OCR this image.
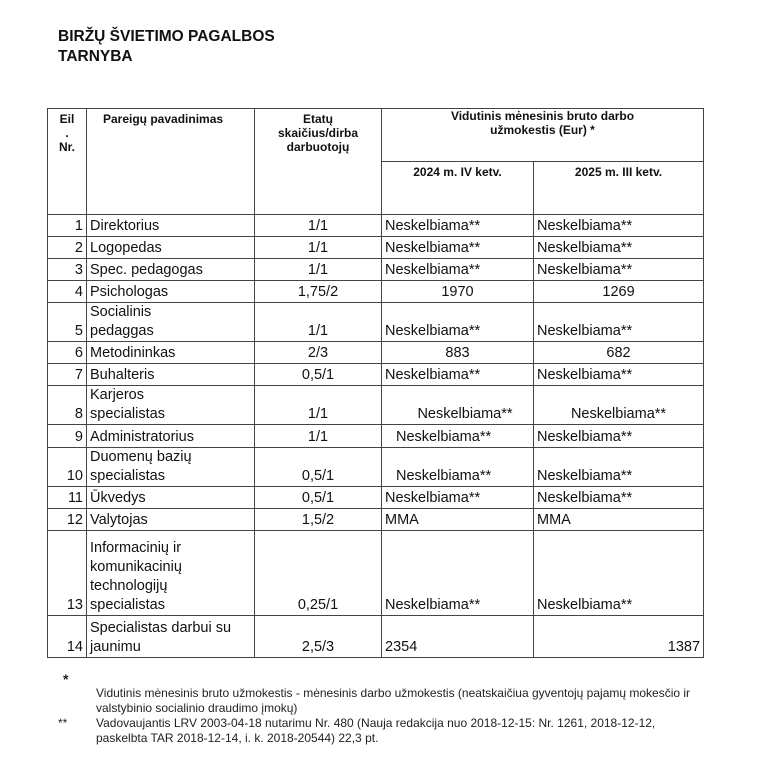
BIRŽŲ ŠVIETIMO PAGALBOS
TARNYBA
Eil
.
Nr.	Pareigų pavadinimas	Etatų skaičius/dirba darbuotojų	Vidutinis mėnesinis bruto darbo užmokestis (Eur) *	
			2024 m. IV ketv.	2025 m. III ketv.
1	Direktorius	1/1	Neskelbiama**	Neskelbiama**
2	Logopedas	1/1	Neskelbiama**	Neskelbiama**
3	Spec. pedagogas	1/1	Neskelbiama**	Neskelbiama**
4	Psichologas	1,75/2	1970	1269
5	Socialinis pedaggas	1/1	Neskelbiama**	Neskelbiama**
6	Metodininkas	2/3	883	682
7	Buhalteris	0,5/1	Neskelbiama**	Neskelbiama**
8	Karjeros specialistas	1/1	Neskelbiama**	Neskelbiama**
9	Administratorius	1/1	Neskelbiama**	Neskelbiama**
10	Duomenų bazių specialistas	0,5/1	Neskelbiama**	Neskelbiama**
11	Ūkvedys	0,5/1	Neskelbiama**	Neskelbiama**
12	Valytojas	1,5/2	MMA	MMA
13	Informacinių ir komunikacinių technologijų specialistas	0,25/1	Neskelbiama**	Neskelbiama**
14	Specialistas darbui su jaunimu	2,5/3	2354	1387
*
Vidutinis mėnesinis bruto užmokestis - mėnesinis darbo užmokestis (neatskaičiua gyventojų pajamų mokesčio ir valstybinio socialinio draudimo įmokų)
** Vadovaujantis LRV 2003-04-18 nutarimu Nr. 480 (Nauja redakcija nuo 2018-12-15: Nr. 1261, 2018-12-12, paskelbta TAR 2018-12-14, i. k. 2018-20544) 22,3 pt.
